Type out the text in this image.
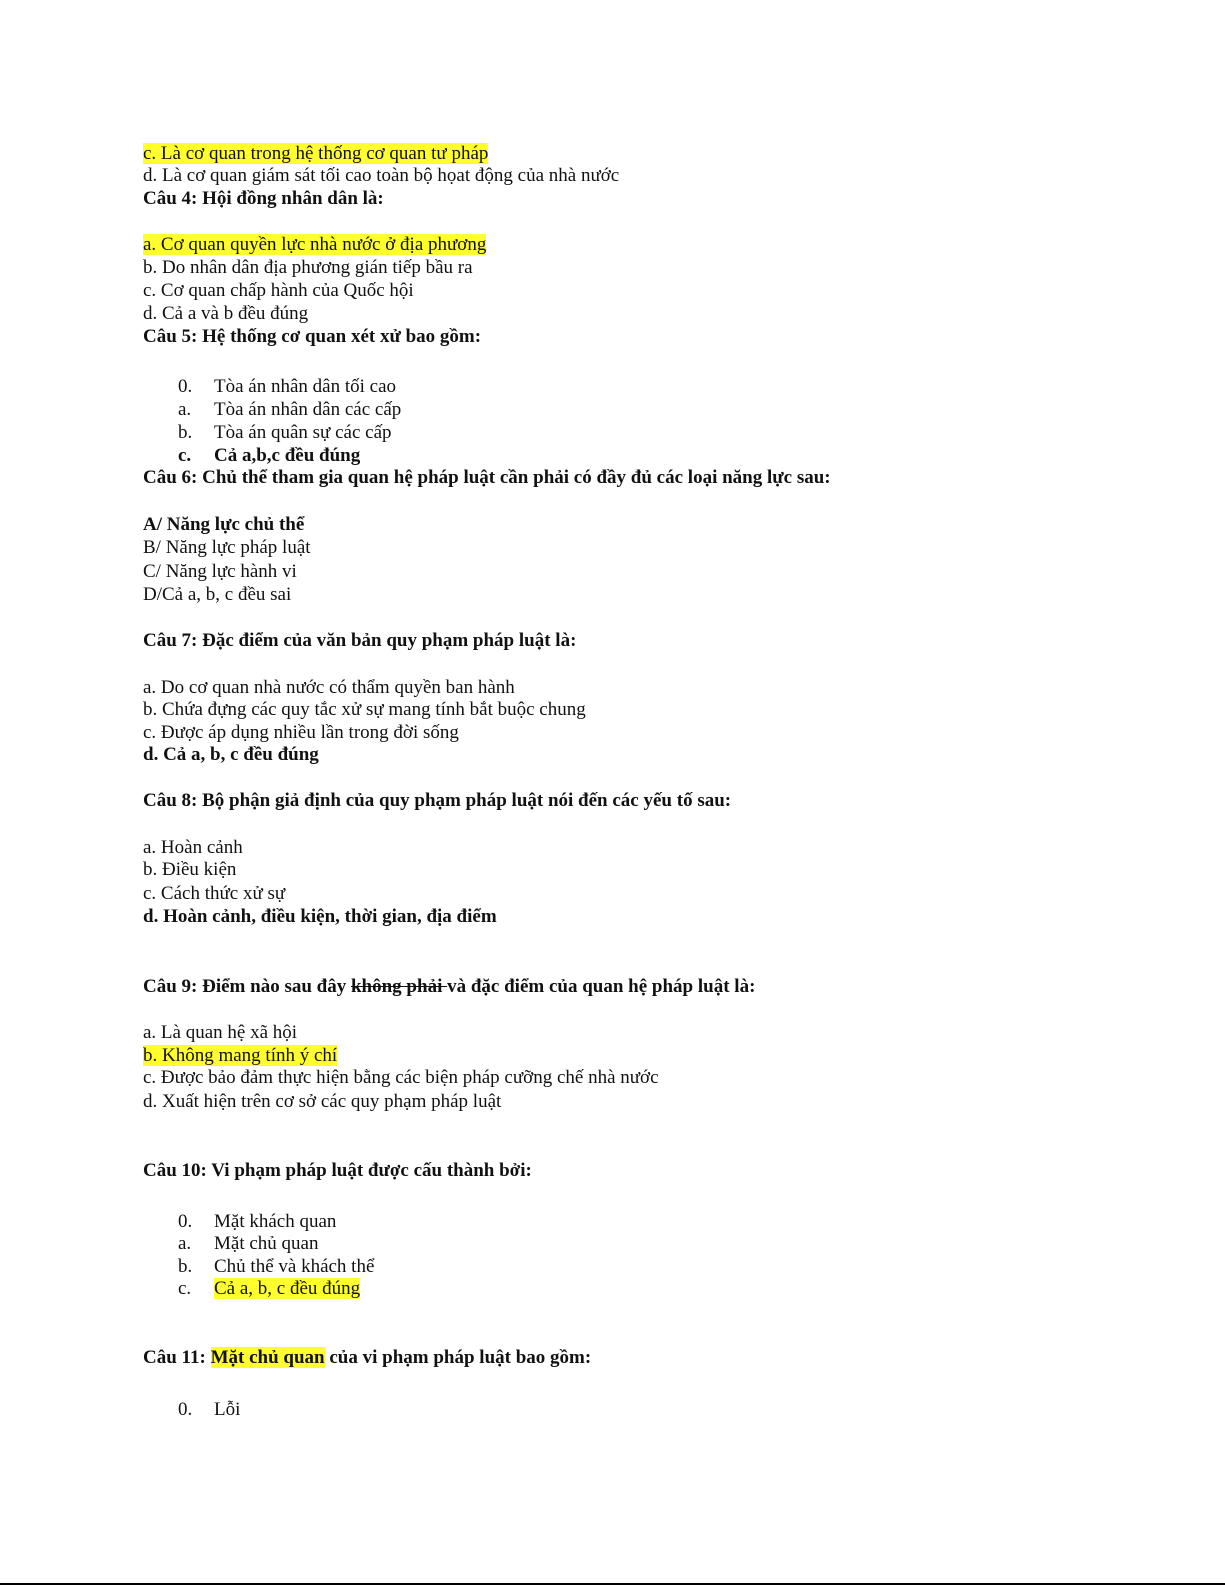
c. Là cơ quan trong hệ thống cơ quan tư pháp
d. Là cơ quan giám sát tối cao toàn bộ họat động của nhà nước
Câu 4: Hội đồng nhân dân là:
a. Cơ quan quyền lực nhà nước ở địa phương
b. Do nhân dân địa phương gián tiếp bầu ra
c. Cơ quan chấp hành của Quốc hội
d. Cả a và b đều đúng
Câu 5: Hệ thống cơ quan xét xử bao gồm:
0. Tòa án nhân dân tối cao
a. Tòa án nhân dân các cấp
b. Tòa án quân sự các cấp
c. Cả a,b,c đều đúng
Câu 6: Chủ thể tham gia quan hệ pháp luật cần phải có đầy đủ các loại năng lực sau:
A/ Năng lực chủ thể
B/ Năng lực pháp luật
C/ Năng lực hành vi
D/Cả a, b, c đều sai
Câu 7: Đặc điểm của văn bản quy phạm pháp luật là:
a. Do cơ quan nhà nước có thẩm quyền ban hành
b. Chứa đựng các quy tắc xử sự mang tính bắt buộc chung
c. Được áp dụng nhiều lần trong đời sống
d. Cả a, b, c đều đúng
Câu 8: Bộ phận giả định của quy phạm pháp luật nói đến các yếu tố sau:
a. Hoàn cảnh
b. Điều kiện
c. Cách thức xử sự
d. Hoàn cảnh, điều kiện, thời gian, địa điểm
Câu 9: Điểm nào sau đây không phải và đặc điểm của quan hệ pháp luật là:
a. Là quan hệ xã hội
b. Không mang tính ý chí
c. Được bảo đảm thực hiện bằng các biện pháp cưỡng chế nhà nước
d. Xuất hiện trên cơ sở các quy phạm pháp luật
Câu 10: Vi phạm pháp luật được cấu thành bởi:
0. Mặt khách quan
a. Mặt chủ quan
b. Chủ thể và khách thể
c. Cả a, b, c đều đúng
Câu 11: Mặt chủ quan của vi phạm pháp luật bao gồm:
0. Lỗi
